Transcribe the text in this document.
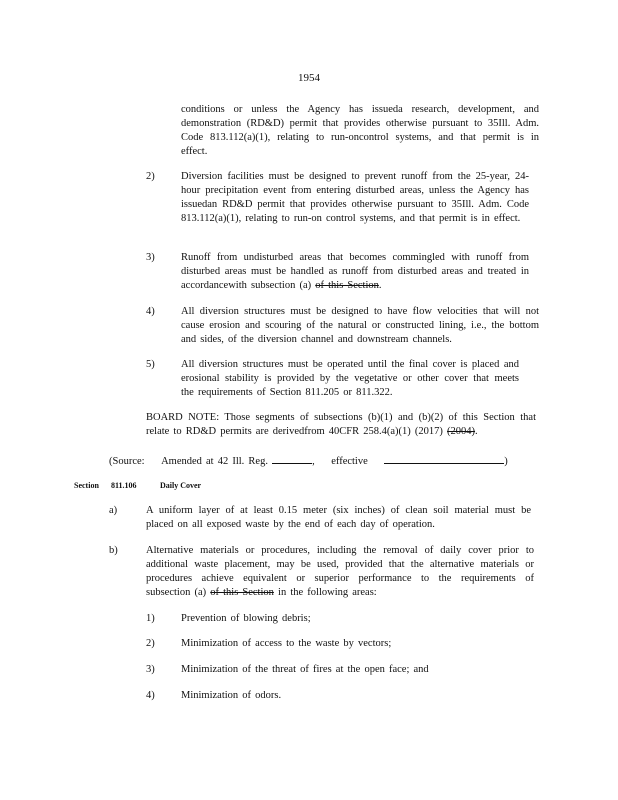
1954
conditions or unless the Agency has issueda research, development, and demonstration (RD&D) permit that provides otherwise pursuant to 35Ill. Adm. Code 813.112(a)(1), relating to run-oncontrol systems, and that permit is in effect.
2)	Diversion facilities must be designed to prevent runoff from the 25-year, 24-hour precipitation event from entering disturbed areas, unless the Agency has issuedan RD&D permit that provides otherwise pursuant to 35Ill. Adm. Code 813.112(a)(1), relating to run-on control systems, and that permit is in effect.
3)	Runoff from undisturbed areas that becomes commingled with runoff from disturbed areas must be handled as runoff from disturbed areas and treated in accordancewith subsection (a) of this Section.
4)	All diversion structures must be designed to have flow velocities that will not cause erosion and scouring of the natural or constructed lining, i.e., the bottom and sides, of the diversion channel and downstream channels.
5)	All diversion structures must be operated until the final cover is placed and erosional stability is provided by the vegetative or other cover that meets the requirements of Section 811.205 or 811.322.
BOARD NOTE: Those segments of subsections (b)(1) and (b)(2) of this Section that relate to RD&D permits are derivedfrom 40CFR 258.4(a)(1) (2017) (2004).
(Source: Amended at 42 Ill. Reg.	, effective	)
Section 811.106	Daily Cover
a)	A uniform layer of at least 0.15 meter (six inches) of clean soil material must be placed on all exposed waste by the end of each day of operation.
b)	Alternative materials or procedures, including the removal of daily cover prior to additional waste placement, may be used, provided that the alternative materials or procedures achieve equivalent or superior performance to the requirements of subsection (a) of this Section in the following areas:
1)	Prevention of blowing debris;
2)	Minimization of access to the waste by vectors;
3)	Minimization of the threat of fires at the open face; and
4)	Minimization of odors.
